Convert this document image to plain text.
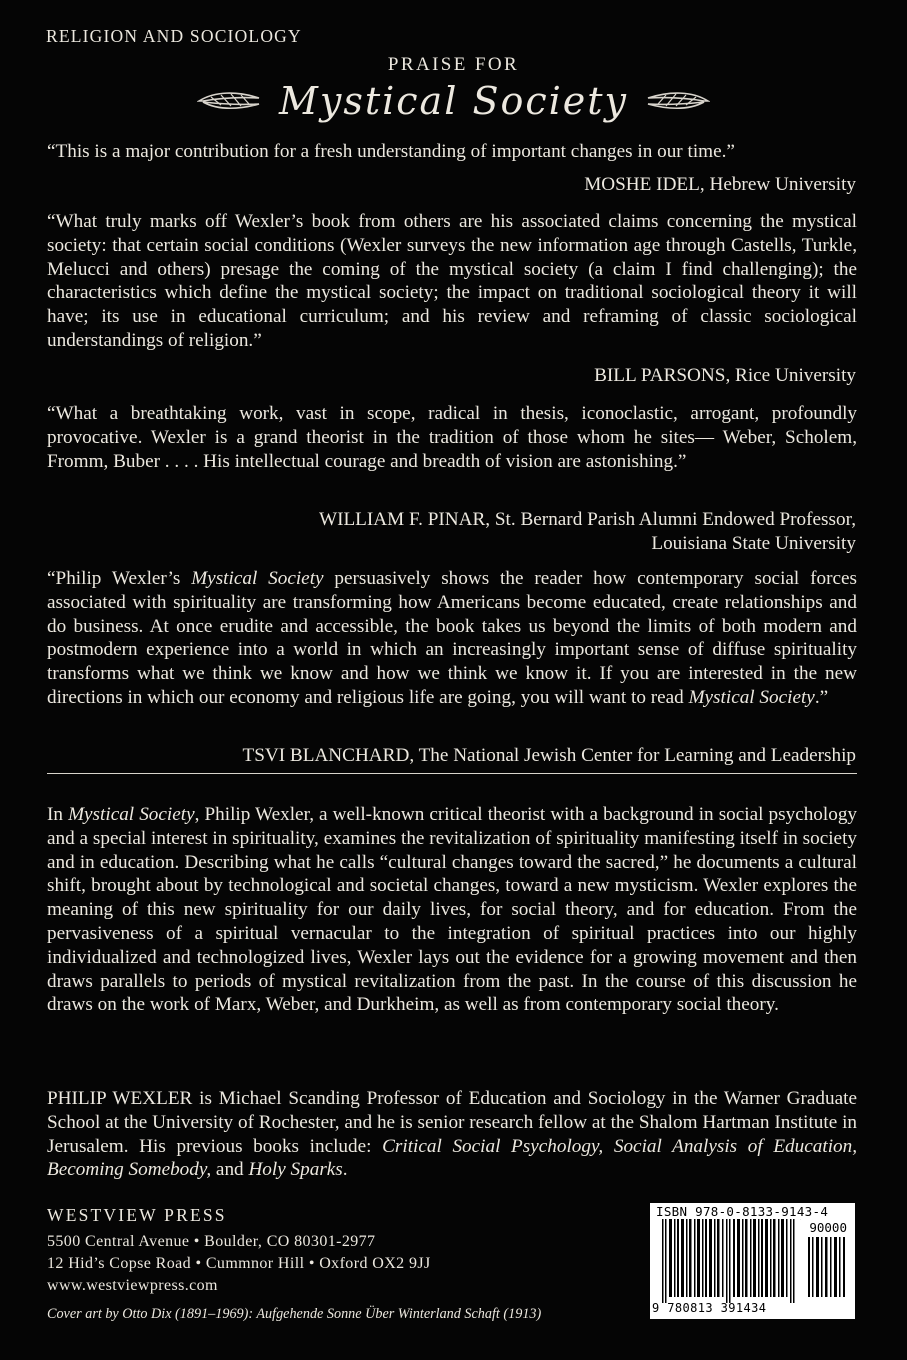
RELIGION AND SOCIOLOGY
PRAISE FOR
Mystical Society
“This is a major contribution for a fresh understanding of important changes in our time.”
MOSHE IDEL, Hebrew University
“What truly marks off Wexler’s book from others are his associated claims concerning the mystical society: that certain social conditions (Wexler surveys the new information age through Castells, Turkle, Melucci and others) presage the coming of the mystical society (a claim I find challenging); the characteristics which define the mystical society; the impact on traditional sociological theory it will have; its use in educational curriculum; and his review and reframing of classic sociological understandings of religion.”
BILL PARSONS, Rice University
“What a breathtaking work, vast in scope, radical in thesis, iconoclastic, arrogant, profoundly provocative. Wexler is a grand theorist in the tradition of those whom he sites— Weber, Scholem, Fromm, Buber . . . . His intellectual courage and breadth of vision are astonishing.”
WILLIAM F. PINAR, St. Bernard Parish Alumni Endowed Professor,
Louisiana State University
“Philip Wexler’s Mystical Society persuasively shows the reader how contemporary social forces associated with spirituality are transforming how Americans become educated, create relationships and do business. At once erudite and accessible, the book takes us beyond the limits of both modern and postmodern experience into a world in which an increasingly important sense of diffuse spirituality transforms what we think we know and how we think we know it. If you are interested in the new directions in which our economy and religious life are going, you will want to read Mystical Society.”
TSVI BLANCHARD, The National Jewish Center for Learning and Leadership
In Mystical Society, Philip Wexler, a well-known critical theorist with a background in social psychology and a special interest in spirituality, examines the revitalization of spirituality manifesting itself in society and in education. Describing what he calls “cultural changes toward the sacred,” he documents a cultural shift, brought about by technological and societal changes, toward a new mysticism. Wexler explores the meaning of this new spirituality for our daily lives, for social theory, and for education. From the pervasiveness of a spiritual vernacular to the integration of spiritual practices into our highly individualized and technologized lives, Wexler lays out the evidence for a growing movement and then draws parallels to periods of mystical revitalization from the past. In the course of this discussion he draws on the work of Marx, Weber, and Durkheim, as well as from contemporary social theory.
PHILIP WEXLER is Michael Scanding Professor of Education and Sociology in the Warner Graduate School at the University of Rochester, and he is senior research fellow at the Shalom Hartman Institute in Jerusalem. His previous books include: Critical Social Psychology, Social Analysis of Education, Becoming Somebody, and Holy Sparks.
WESTVIEW PRESS
5500 Central Avenue • Boulder, CO 80301-2977
12 Hid’s Copse Road • Cummnor Hill • Oxford OX2 9JJ
www.westviewpress.com
Cover art by Otto Dix (1891–1969): Aufgehende Sonne Über Winterland Schaft (1913)
ISBN 978-0-8133-9143-4
90000
9 780813 391434
